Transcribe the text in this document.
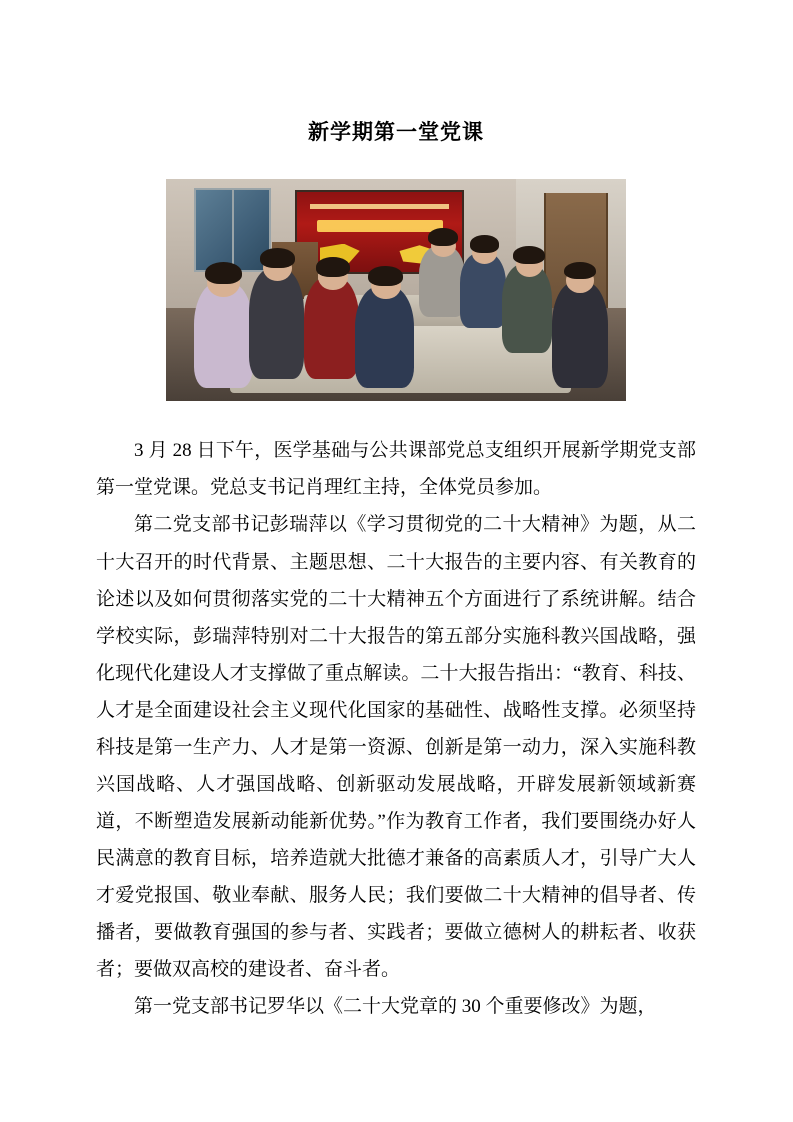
新学期第一堂党课

3 月 28 日下午，医学基础与公共课部党总支组织开展新学期党支部第一堂党课。党总支书记肖理红主持，全体党员参加。

第二党支部书记彭瑞萍以《学习贯彻党的二十大精神》为题，从二十大召开的时代背景、主题思想、二十大报告的主要内容、有关教育的论述以及如何贯彻落实党的二十大精神五个方面进行了系统讲解。结合学校实际，彭瑞萍特别对二十大报告的第五部分实施科教兴国战略，强化现代化建设人才支撑做了重点解读。二十大报告指出：“教育、科技、人才是全面建设社会主义现代化国家的基础性、战略性支撑。必须坚持科技是第一生产力、人才是第一资源、创新是第一动力，深入实施科教兴国战略、人才强国战略、创新驱动发展战略，开辟发展新领域新赛道，不断塑造发展新动能新优势。”作为教育工作者，我们要围绕办好人民满意的教育目标，培养造就大批德才兼备的高素质人才，引导广大人才爱党报国、敬业奉献、服务人民；我们要做二十大精神的倡导者、传播者，要做教育强国的参与者、实践者；要做立德树人的耕耘者、收获者；要做双高校的建设者、奋斗者。

第一党支部书记罗华以《二十大党章的 30 个重要修改》为题，
